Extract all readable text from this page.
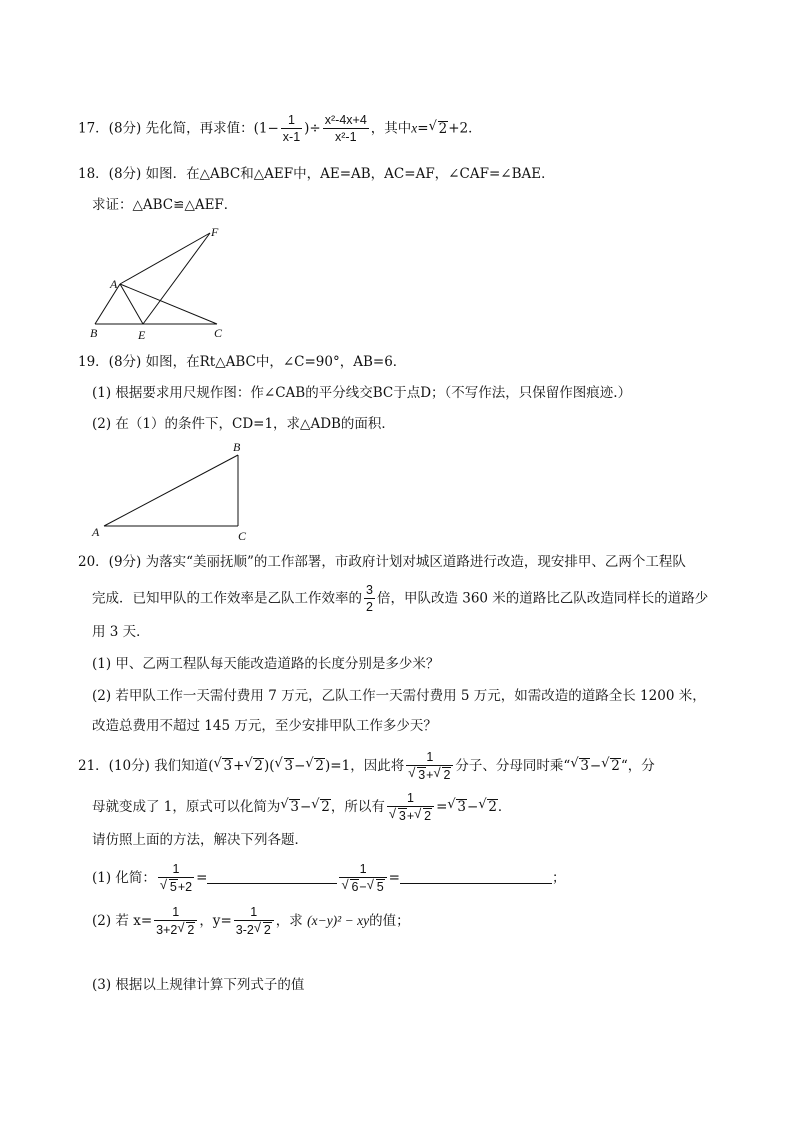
17．(8分) 先化简，再求值：($1- \frac{1}{x-1}$ )÷ $\frac{\text{x²-4x+4}}{\text{x²-1}}$ ，其中x= √ 2+2．
18．(8分) 如图．在△ABC和△AEF中，AE=AB，AC=AF，∠CAF=∠BAE．
求证：△ABC≌△AEF．
A
B	C
E
F
19．(8分) 如图，在Rt△ABC中，∠C=90°，AB=6．
(1) 根据要求用尺规作图：作∠CAB的平分线交BC于点D；（不写作法，只保留作图痕迹.）
(2) 在（1）的条件下，CD=1，求△ADB的面积．
A
B
C
20．(9分) 为落实“美丽抚顺”的工作部署，市政府计划对城区道路进行改造，现安排甲、乙两个工程队
完成．已知甲队的工作效率是乙队工作效率的 $\frac{3}{2}$ 倍，甲队改造 360 米的道路比乙队改造同样长的道路少
用 3 天．
(1) 甲、乙两工程队每天能改造道路的长度分别是多少米？
(2) 若甲队工作一天需付费用 7 万元，乙队工作一天需付费用 5 万元，如需改造的道路全长 1200 米，
改造总费用不超过 145 万元，至少安排甲队工作多少天？
21．(10分) 我们知道( √ 3+ √ 2)( √ 3− √ 2)=1，因此将 1
√ 3+ √ 2 分子、分母同时乘“ √ 3− √ 2“，分
母就变成了 1，原式可以化简为 √ 3− √ 2，所以有 1
√ 3+ √ 2 = √ 3− √ 2．
请仿照上面的方法，解决下列各题．
(1) 化简： 1
√ 5+2 =	1
√ 6− √ 5 =	；
(2) 若 $x= \frac{1}{3+2 √ 2}$ ，$y= \frac{1}{3-2 √ 2}$ ，求 (x−y)² − xy的值；
(3) 根据以上规律计算下列式子的值
